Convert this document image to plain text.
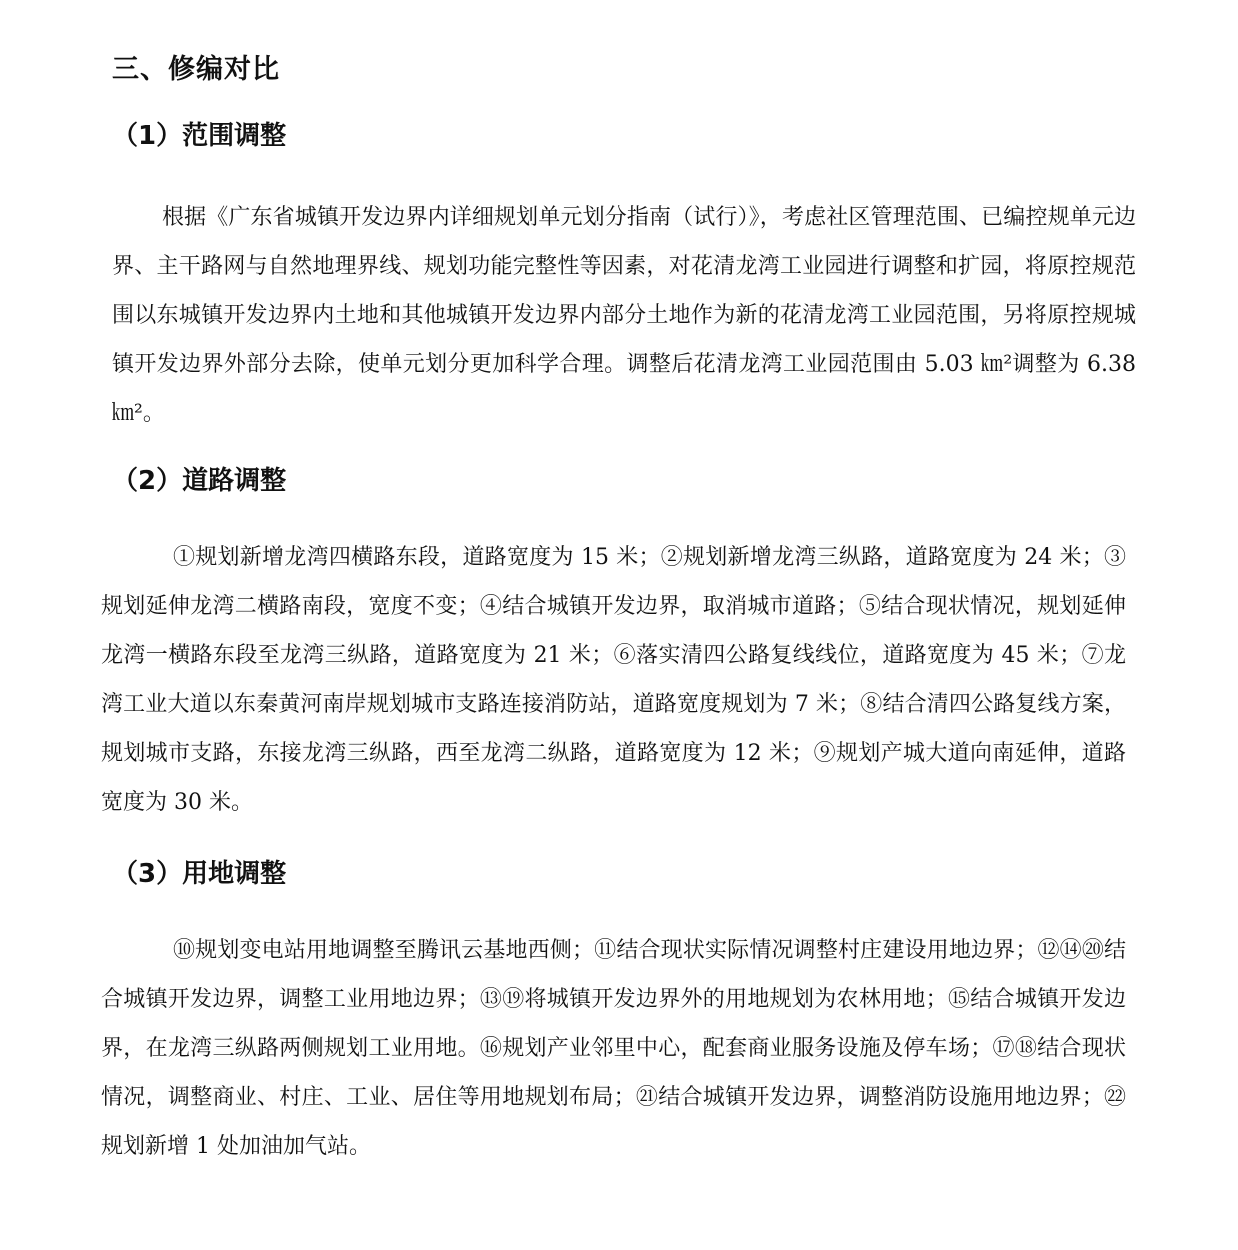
三、修编对比
（1）范围调整

根据《广东省城镇开发边界内详细规划单元划分指南（试行）》，考虑社区管理范围、已编控规单元边界、主干路网与自然地理界线、规划功能完整性等因素，对花清龙湾工业园进行调整和扩园，将原控规范围以东城镇开发边界内土地和其他城镇开发边界内部分土地作为新的花清龙湾工业园范围，另将原控规城镇开发边界外部分去除，使单元划分更加科学合理。调整后花清龙湾工业园范围由 5.03 ㎞²调整为 6.38 ㎞²。

（2）道路调整

①规划新增龙湾四横路东段，道路宽度为 15 米；②规划新增龙湾三纵路，道路宽度为 24 米；③规划延伸龙湾二横路南段，宽度不变；④结合城镇开发边界，取消城市道路；⑤结合现状情况，规划延伸龙湾一横路东段至龙湾三纵路，道路宽度为 21 米；⑥落实清四公路复线线位，道路宽度为 45 米；⑦龙湾工业大道以东秦黄河南岸规划城市支路连接消防站，道路宽度规划为 7 米；⑧结合清四公路复线方案，规划城市支路，东接龙湾三纵路，西至龙湾二纵路，道路宽度为 12 米；⑨规划产城大道向南延伸，道路宽度为 30 米。

（3）用地调整

⑩规划变电站用地调整至腾讯云基地西侧；⑪结合现状实际情况调整村庄建设用地边界；⑫⑭⑳结合城镇开发边界，调整工业用地边界；⑬⑲将城镇开发边界外的用地规划为农林用地；⑮结合城镇开发边界，在龙湾三纵路两侧规划工业用地。⑯规划产业邻里中心，配套商业服务设施及停车场；⑰⑱结合现状情况，调整商业、村庄、工业、居住等用地规划布局；㉑结合城镇开发边界，调整消防设施用地边界；㉒规划新增 1 处加油加气站。
